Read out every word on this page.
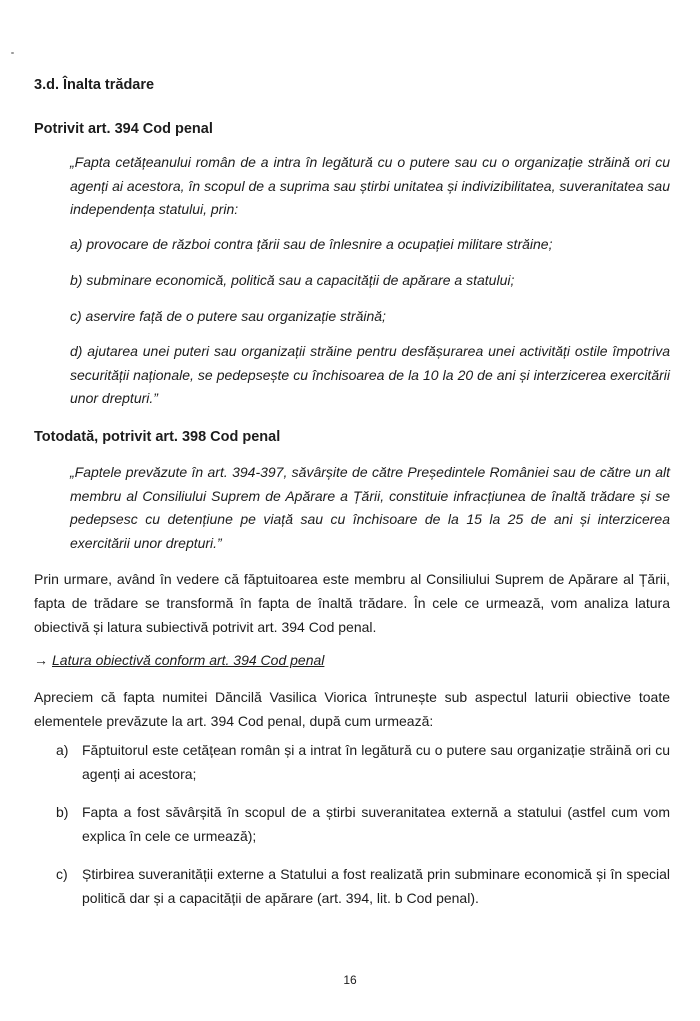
3.d. Înalta trădare
Potrivit art. 394 Cod penal
„Fapta cetățeanului român de a intra în legătură cu o putere sau cu o organizație străină ori cu agenți ai acestora, în scopul de a suprima sau știrbi unitatea și indivizibilitatea, suveranitatea sau independența statului, prin:
a) provocare de război contra țării sau de înlesnire a ocupației militare străine;
b) subminare economică, politică sau a capacității de apărare a statului;
c) aservire față de o putere sau organizație străină;
d) ajutarea unei puteri sau organizații străine pentru desfășurarea unei activități ostile împotriva securității naționale, se pedepsește cu închisoarea de la 10 la 20 de ani și interzicerea exercitării unor drepturi.”
Totodată, potrivit art. 398 Cod penal
„Faptele prevăzute în art. 394-397, săvârșite de către Președintele României sau de către un alt membru al Consiliului Suprem de Apărare a Țării, constituie infracțiunea de înaltă trădare și se pedepsesc cu detențiune pe viață sau cu închisoare de la 15 la 25 de ani și interzicerea exercitării unor drepturi.”
Prin urmare, având în vedere că făptuitoarea este membru al Consiliului Suprem de Apărare al Țării, fapta de trădare se transformă în fapta de înaltă trădare. În cele ce urmează, vom analiza latura obiectivă și latura subiectivă potrivit art. 394 Cod penal.
→ Latura obiectivă conform art. 394 Cod penal
Apreciem că fapta numitei Dăncilă Vasilica Viorica întrunește sub aspectul laturii obiective toate elementele prevăzute la art. 394 Cod penal, după cum urmează:
a) Făptuitorul este cetățean român și a intrat în legătură cu o putere sau organizație străină ori cu agenți ai acestora;
b) Fapta a fost săvârșită în scopul de a știrbi suveranitatea externă a statului (astfel cum vom explica în cele ce urmează);
c) Știrbirea suveranității externe a Statului a fost realizată prin subminare economică și în special politică dar și a capacității de apărare (art. 394, lit. b Cod penal).
16
